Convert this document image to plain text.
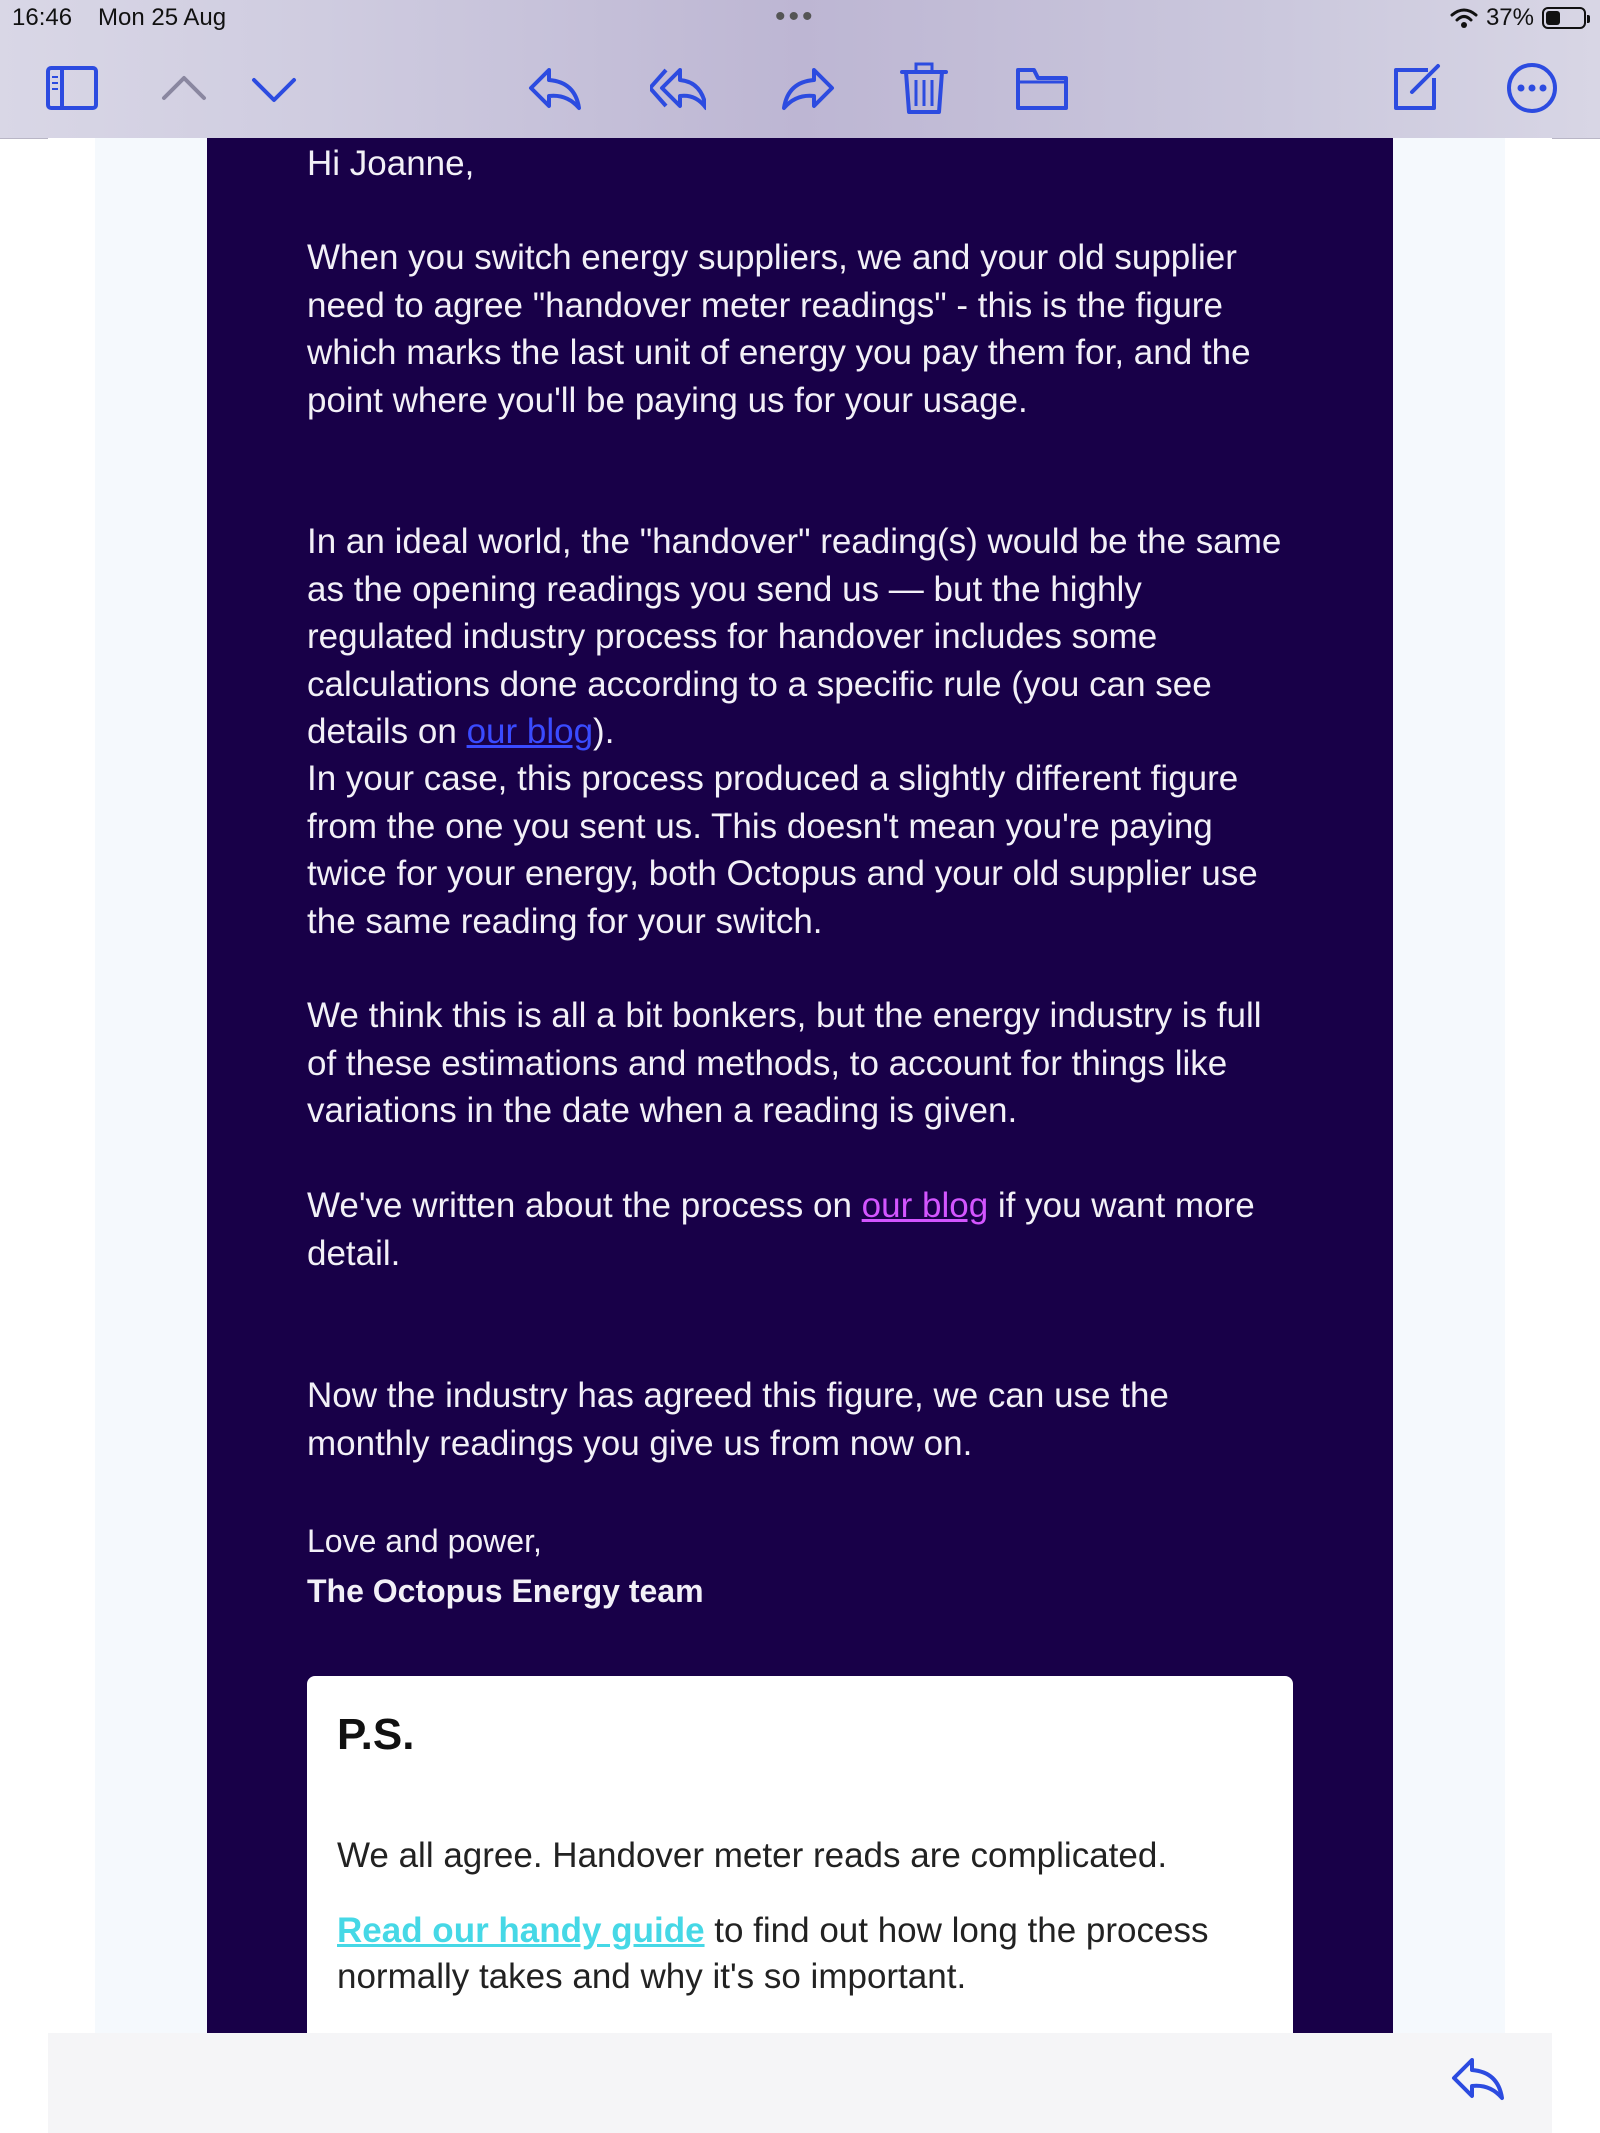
16:46 Mon 25 Aug	•••	37%

Hi Joanne,

When you switch energy suppliers, we and your old supplier need to agree "handover meter readings" - this is the figure which marks the last unit of energy you pay them for, and the point where you'll be paying us for your usage.

In an ideal world, the "handover" reading(s) would be the same as the opening readings you send us — but the highly regulated industry process for handover includes some calculations done according to a specific rule (you can see details on our blog).

In your case, this process produced a slightly different figure from the one you sent us. This doesn't mean you're paying twice for your energy, both Octopus and your old supplier use the same reading for your switch.

We think this is all a bit bonkers, but the energy industry is full of these estimations and methods, to account for things like variations in the date when a reading is given.

We've written about the process on our blog if you want more detail.

Now the industry has agreed this figure, we can use the monthly readings you give us from now on.

Love and power,
The Octopus Energy team
P.S.
We all agree. Handover meter reads are complicated.
Read our handy guide to find out how long the process normally takes and why it's so important.
